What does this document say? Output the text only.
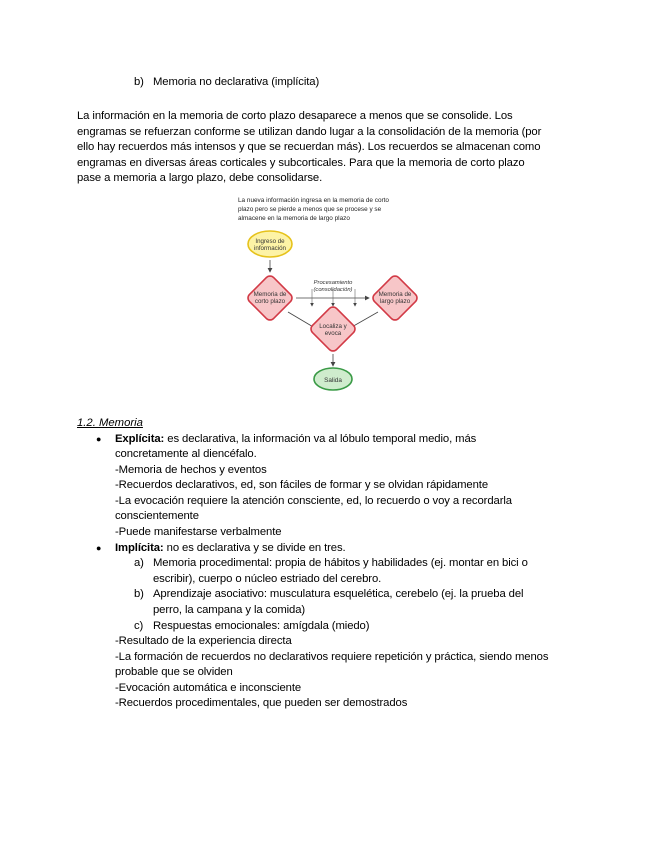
b) Memoria no declarativa (implícita)
La información en la memoria de corto plazo desaparece a menos que se consolide. Los
engramas se refuerzan conforme se utilizan dando lugar a la consolidación de la memoria (por
ello hay recuerdos más intensos y que se recuerdan más). Los recuerdos se almacenan como
engramas en diversas áreas corticales y subcorticales. Para que la memoria de corto plazo
pase a memoria a largo plazo, debe consolidarse.
La nueva información ingresa en la memoria de corto
plazo pero se pierde a menos que se procese y se
almacene en la memoria de largo plazo
Ingreso de
información
Memoria de
corto plazo
Memoria de
largo plazo
Procesamiento
(consolidación)
Localiza y
evoca
Salida
1.2. Memoria
● Explícita: es declarativa, la información va al lóbulo temporal medio, más
concretamente al diencéfalo.
-Memoria de hechos y eventos
-Recuerdos declarativos, ed, son fáciles de formar y se olvidan rápidamente
-La evocación requiere la atención consciente, ed, lo recuerdo o voy a recordarla
conscientemente
-Puede manifestarse verbalmente
● Implícita: no es declarativa y se divide en tres.
a) Memoria procedimental: propia de hábitos y habilidades (ej. montar en bici o
escribir), cuerpo o núcleo estriado del cerebro.
b) Aprendizaje asociativo: musculatura esquelética, cerebelo (ej. la prueba del
perro, la campana y la comida)
c) Respuestas emocionales: amígdala (miedo)
-Resultado de la experiencia directa
-La formación de recuerdos no declarativos requiere repetición y práctica, siendo menos
probable que se olviden
-Evocación automática e inconsciente
-Recuerdos procedimentales, que pueden ser demostrados
